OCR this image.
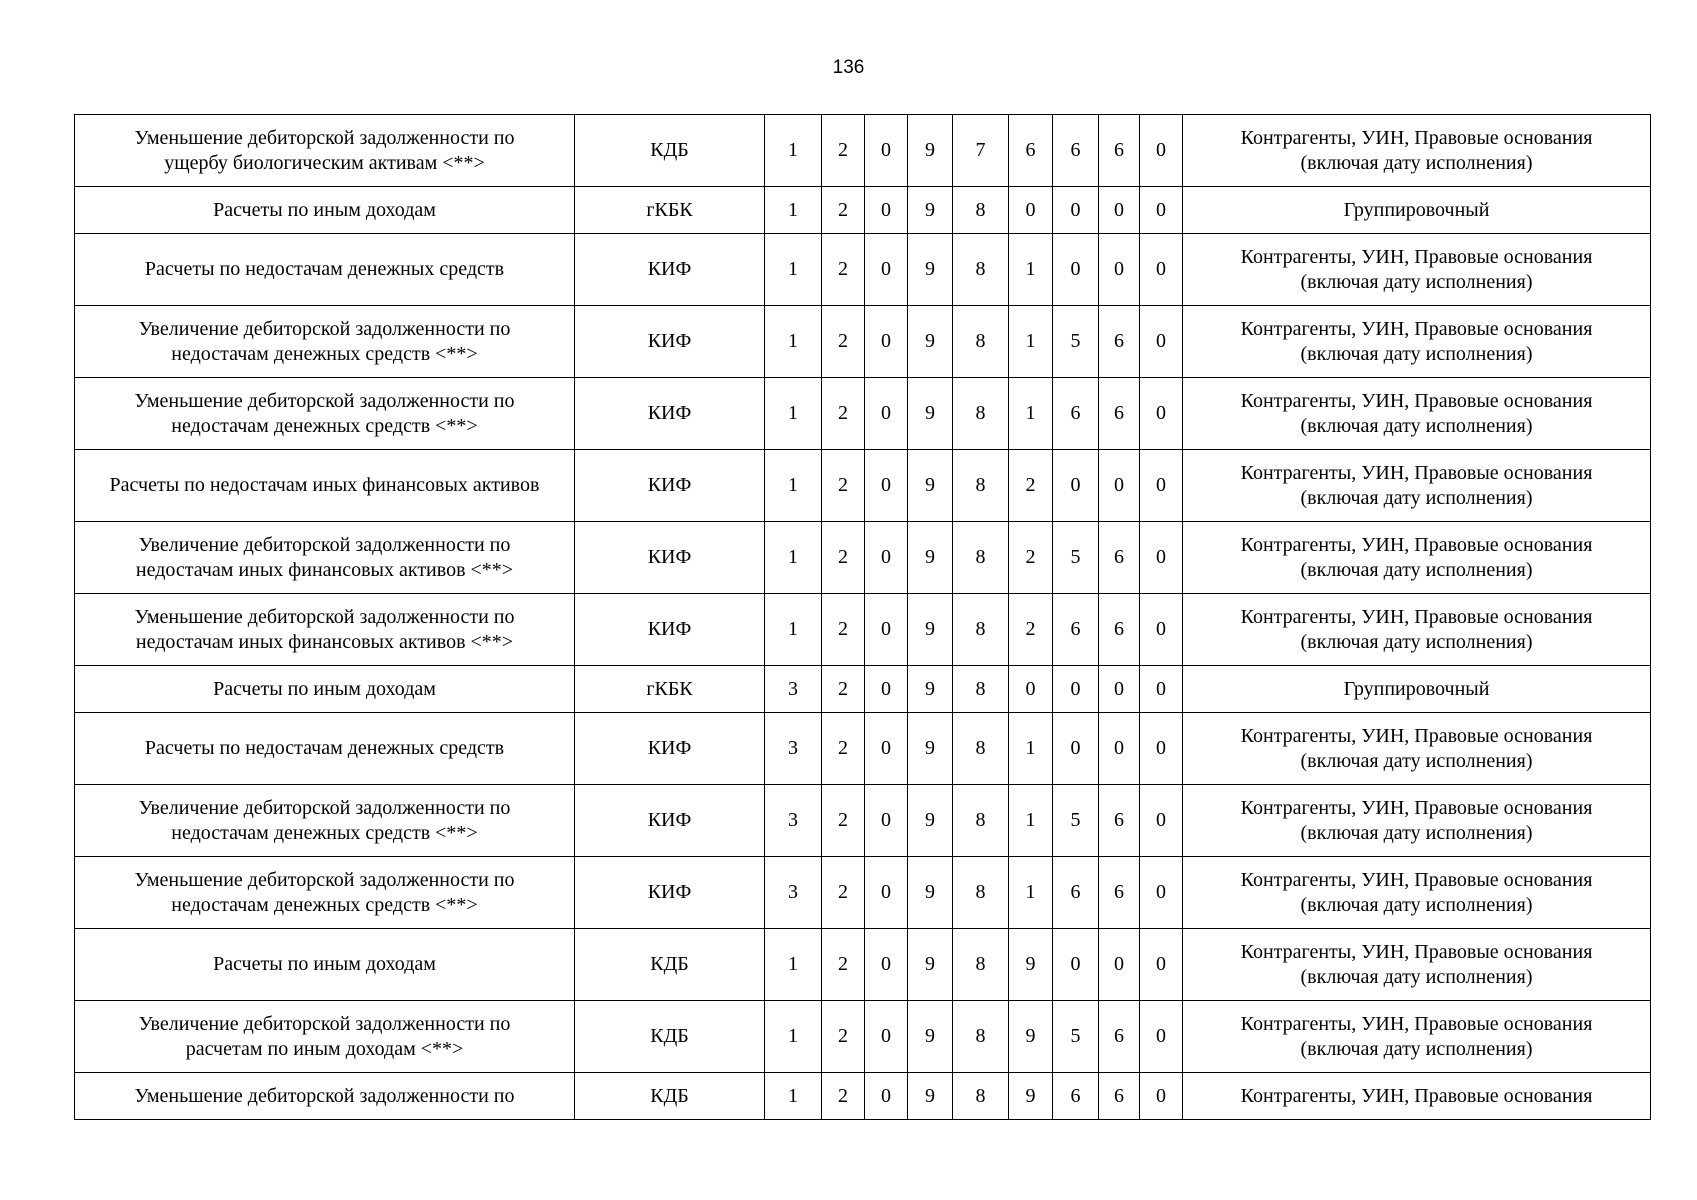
136
Уменьшение дебиторской задолженности по
ущербу биологическим активам <**>	КДБ	1	2	0	9	7	6	6	6	0	Контрагенты, УИН, Правовые основания
(включая дату исполнения)

Расчеты по иным доходам	гКБК	1	2	0	9	8	0	0	0	0	Группировочный

Расчеты по недостачам денежных средств	КИФ	1	2	0	9	8	1	0	0	0	Контрагенты, УИН, Правовые основания
(включая дату исполнения)

Увеличение дебиторской задолженности по
недостачам денежных средств <**>	КИФ	1	2	0	9	8	1	5	6	0	Контрагенты, УИН, Правовые основания
(включая дату исполнения)

Уменьшение дебиторской задолженности по
недостачам денежных средств <**>	КИФ	1	2	0	9	8	1	6	6	0	Контрагенты, УИН, Правовые основания
(включая дату исполнения)

Расчеты по недостачам иных финансовых активов	КИФ	1	2	0	9	8	2	0	0	0	Контрагенты, УИН, Правовые основания
(включая дату исполнения)

Увеличение дебиторской задолженности по
недостачам иных финансовых активов <**>	КИФ	1	2	0	9	8	2	5	6	0	Контрагенты, УИН, Правовые основания
(включая дату исполнения)

Уменьшение дебиторской задолженности по
недостачам иных финансовых активов <**>	КИФ	1	2	0	9	8	2	6	6	0	Контрагенты, УИН, Правовые основания
(включая дату исполнения)

Расчеты по иным доходам	гКБК	3	2	0	9	8	0	0	0	0	Группировочный

Расчеты по недостачам денежных средств	КИФ	3	2	0	9	8	1	0	0	0	Контрагенты, УИН, Правовые основания
(включая дату исполнения)

Увеличение дебиторской задолженности по
недостачам денежных средств <**>	КИФ	3	2	0	9	8	1	5	6	0	Контрагенты, УИН, Правовые основания
(включая дату исполнения)

Уменьшение дебиторской задолженности по
недостачам денежных средств <**>	КИФ	3	2	0	9	8	1	6	6	0	Контрагенты, УИН, Правовые основания
(включая дату исполнения)

Расчеты по иным доходам	КДБ	1	2	0	9	8	9	0	0	0	Контрагенты, УИН, Правовые основания
(включая дату исполнения)

Увеличение дебиторской задолженности по
расчетам по иным доходам <**>	КДБ	1	2	0	9	8	9	5	6	0	Контрагенты, УИН, Правовые основания
(включая дату исполнения)

Уменьшение дебиторской задолженности по	КДБ	1	2	0	9	8	9	6	6	0	Контрагенты, УИН, Правовые основания
